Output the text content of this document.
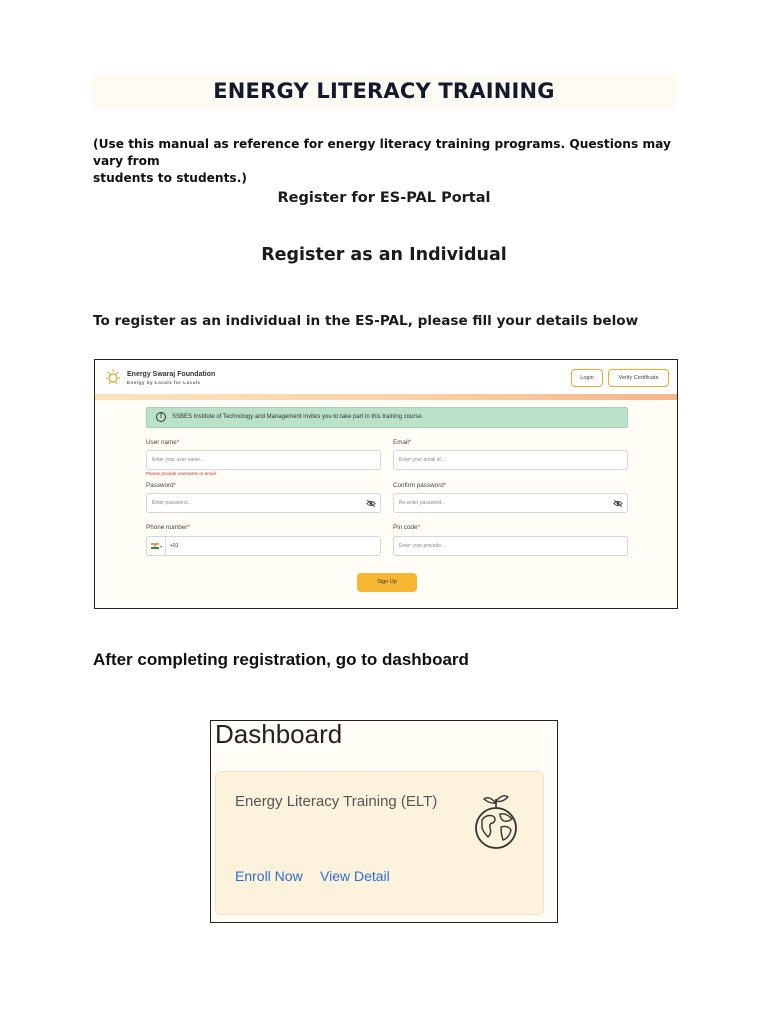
ENERGY LITERACY TRAINING
(Use this manual as reference for energy literacy training programs. Questions may vary from
students to students.)
Register for ES-PAL Portal
Register as an Individual
To register as an individual in the ES-PAL, please fill your details below
Energy Swaraj Foundation
Energy by Locals for Locals
Login	Verify Certificate
!	SSBES Institute of Technology and Management invites you to take part in this training course.
User name*
Enter your user name...
Please provide username or email
Email*
Enter your email id...
Password*
Enter password...
Confirm password*
Re-enter password...
Phone number*
▾ +91
Pin code*
Enter your pincode...
Sign Up
After completing registration, go to dashboard
Dashboard
Energy Literacy Training (ELT)
Enroll Now View Detail
